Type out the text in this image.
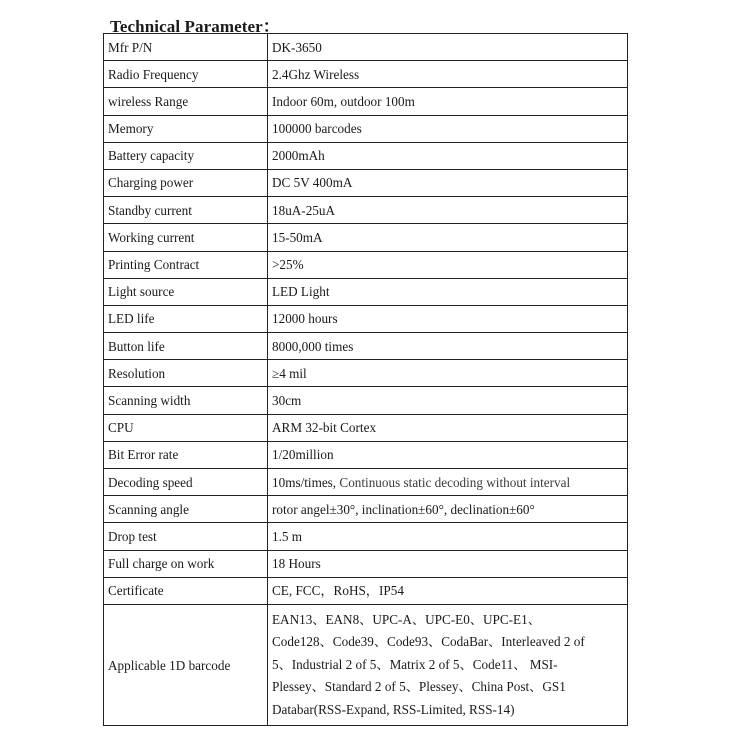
Technical Parameter：
Mfr P/N	DK-3650
Radio Frequency	2.4Ghz Wireless
wireless Range	Indoor 60m, outdoor 100m
Memory	100000 barcodes
Battery capacity	2000mAh
Charging power	DC 5V 400mA
Standby current	18uA-25uA
Working current	15-50mA
Printing Contract	>25%
Light source	LED Light
LED life	12000 hours
Button life	8000,000 times
Resolution	≥4 mil
Scanning width	30cm
CPU	ARM 32-bit Cortex
Bit Error rate	1/20million
Decoding speed	10ms/times, Continuous static decoding without interval
Scanning angle	rotor angel±30°, inclination±60°, declination±60°
Drop test	1.5 m
Full charge on work	18 Hours
Certificate	CE, FCC，RoHS，IP54
Applicable 1D barcode	EAN13、EAN8、UPC-A、UPC-E0、UPC-E1、
Code128、Code39、Code93、CodaBar、Interleaved 2 of
5、Industrial 2 of 5、Matrix 2 of 5、Code11、 MSI-
Plessey、Standard 2 of 5、Plessey、China Post、GS1
Databar(RSS-Expand, RSS-Limited, RSS-14)
